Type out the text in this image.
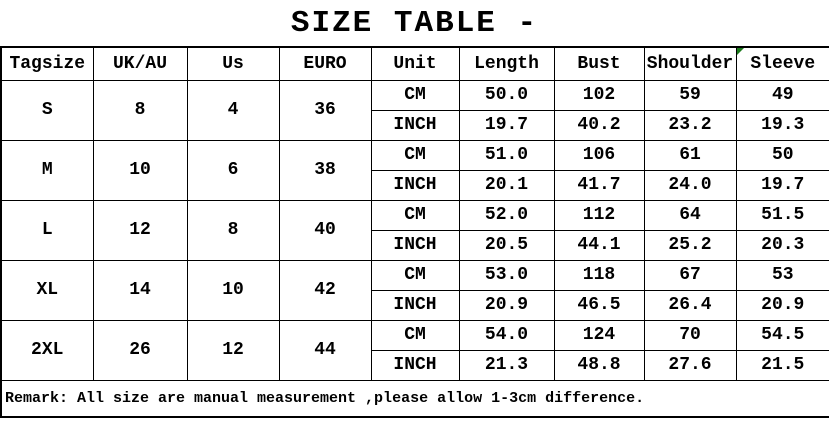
SIZE TABLE -
Tagsize	UK/AU	Us	EURO	Unit	Length	Bust	Shoulder	Sleeve
S	8	4	36	CM	50.0	102	59	49
				INCH	19.7	40.2	23.2	19.3
M	10	6	38	CM	51.0	106	61	50
				INCH	20.1	41.7	24.0	19.7
L	12	8	40	CM	52.0	112	64	51.5
				INCH	20.5	44.1	25.2	20.3
XL	14	10	42	CM	53.0	118	67	53
				INCH	20.9	46.5	26.4	20.9
2XL	26	12	44	CM	54.0	124	70	54.5
				INCH	21.3	48.8	27.6	21.5
Remark: All size are manual measurement ,please allow 1-3cm difference.								
